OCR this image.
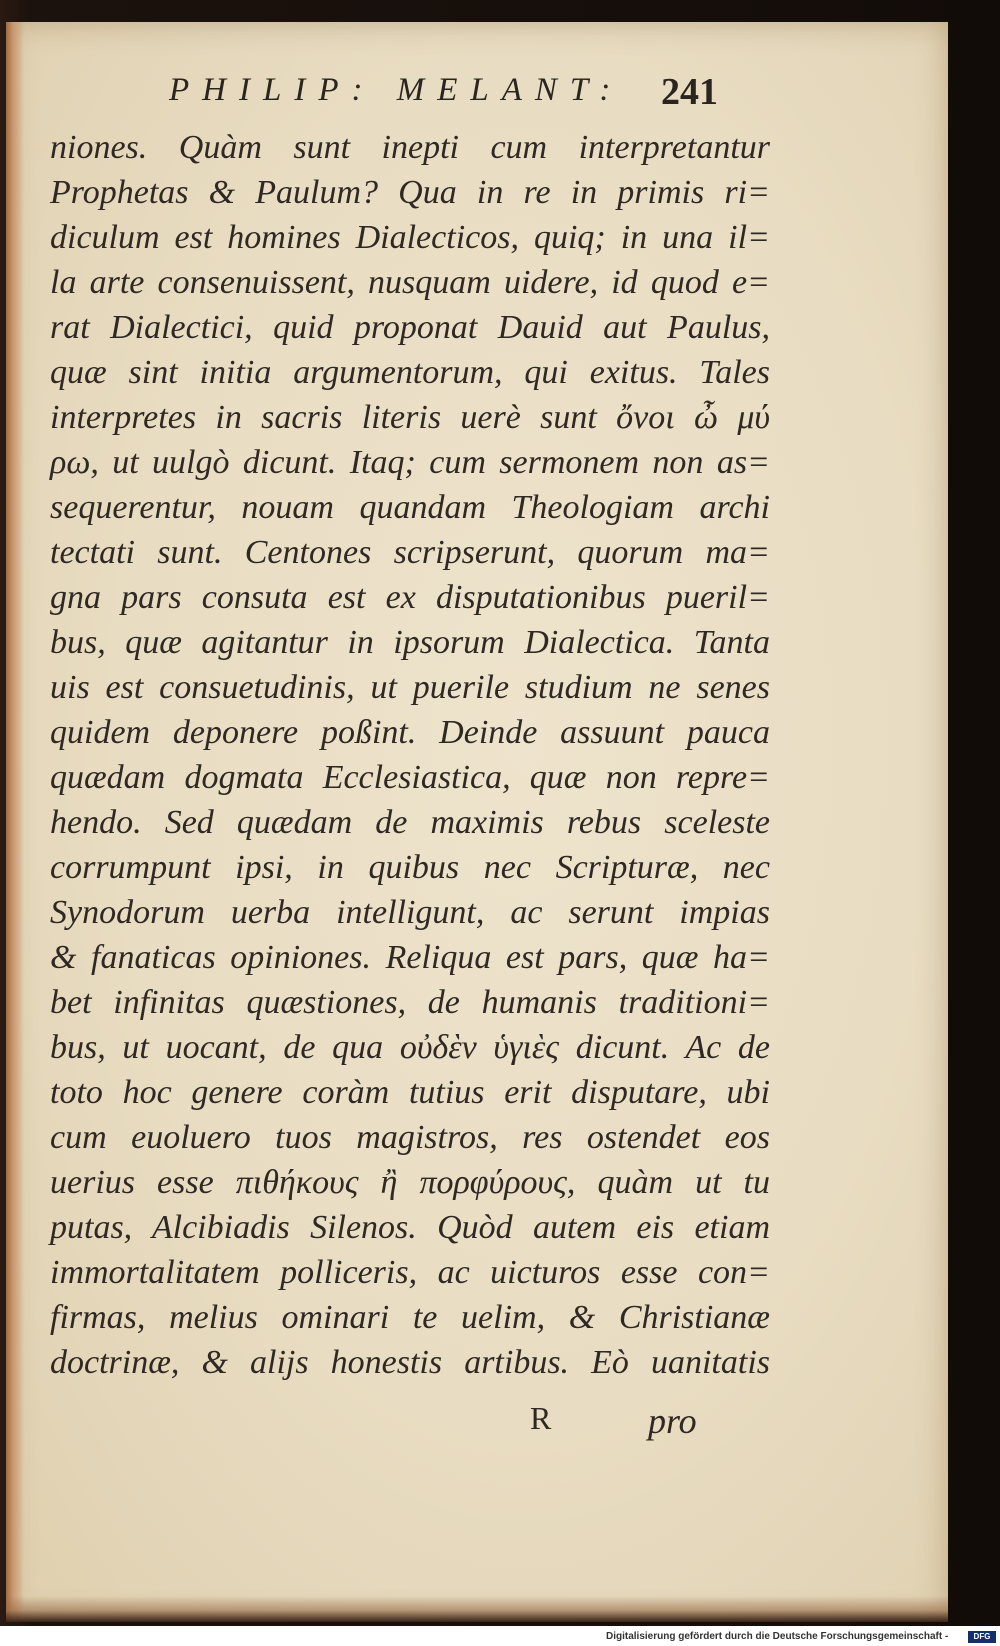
PHILIP: MELANT: 241
niones. Quàm sunt inepti cum interpretantur
Prophetas & Paulum? Qua in re in primis ri=
diculum est homines Dialecticos, quiq; in una il=
la arte consenuissent, nusquam uidere, id quod e=
rat Dialectici, quid proponat Dauid aut Paulus,
quæ sint initia argumentorum, qui exitus. Tales
interpretes in sacris literis uerè sunt ὄνοι ὦ μύ
ρω, ut uulgò dicunt. Itaq; cum sermonem non as=
sequerentur, nouam quandam Theologiam archi
tectati sunt. Centones scripserunt, quorum ma=
gna pars consuta est ex disputationibus pueril=
bus, quæ agitantur in ipsorum Dialectica. Tanta
uis est consuetudinis, ut puerile studium ne senes
quidem deponere poßint. Deinde assuunt pauca
quædam dogmata Ecclesiastica, quæ non repre=
hendo. Sed quædam de maximis rebus sceleste
corrumpunt ipsi, in quibus nec Scripturæ, nec
Synodorum uerba intelligunt, ac serunt impias
& fanaticas opiniones. Reliqua est pars, quæ ha=
bet infinitas quæstiones, de humanis traditioni=
bus, ut uocant, de qua οὐδὲν ὑγιὲς dicunt. Ac de
toto hoc genere coràm tutius erit disputare, ubi
cum euoluero tuos magistros, res ostendet eos
uerius esse πιθήκους ἢ πορφύρους, quàm ut tu
putas, Alcibiadis Silenos. Quòd autem eis etiam
immortalitatem polliceris, ac uicturos esse con=
firmas, melius ominari te uelim, & Christianæ
doctrinæ, & alijs honestis artibus. Eò uanitatis
R	pro
Digitalisierung gefördert durch die Deutsche Forschungsgemeinschaft -	DFG
